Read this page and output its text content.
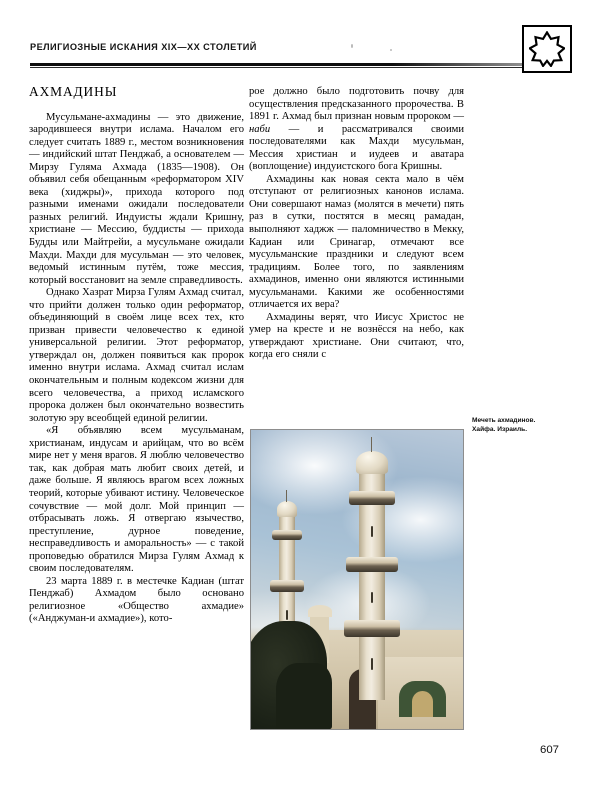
РЕЛИГИОЗНЫЕ ИСКАНИЯ XIX—XX СТОЛЕТИЙ
АХМАДИНЫ

Мусульмане-ахмадины — это движение, зародившееся внутри ислама. Началом его следует считать 1889 г., местом возникновения — индийский штат Пенджаб, а основателем — Мирзу Гуляма Ахмада (1835—1908). Он объявил себя обещанным «реформатором XIV века (хиджры)», прихода которого под разными именами ожидали последователи разных религий. Индуисты ждали Кришну, христиане — Мессию, буддисты — прихода Будды или Майтрейи, а мусульмане ожидали Махди. Махди для мусульман — это человек, ведомый истинным путём, тоже мессия, который восстановит на земле справедливость.

Однако Хазрат Мирза Гулям Ахмад считал, что прийти должен только один реформатор, объединяющий в своём лице всех тех, кто призван привести человечество к единой универсальной религии. Этот реформатор, утверждал он, должен появиться как пророк именно внутри ислама. Ахмад считал ислам окончательным и полным кодексом жизни для всего человечества, а приход исламского пророка должен был окончательно возвестить золотую эру всеобщей единой религии.

«Я объявляю всем мусульманам, христианам, индусам и арийцам, что во всём мире нет у меня врагов. Я люблю человечество так, как добрая мать любит своих детей, и даже больше. Я являюсь врагом всех ложных теорий, которые убивают истину. Человеческое сочувствие — мой долг. Мой принцип — отбрасывать ложь. Я отвергаю язычество, преступление, дурное поведение, несправедливость и аморальность» — с такой проповедью обратился Мирза Гулям Ахмад к своим последователям.

23 марта 1889 г. в местечке Кадиан (штат Пенджаб) Ахмадом было основано религиозное «Общество ахмадие» («Анджуман-и ахмадие»), кото-

рое должно было подготовить почву для осуществления предсказанного пророчества. В 1891 г. Ахмад был признан новым пророком — наби — и рассматривался своими последователями как Махди мусульман, Мессия христиан и иудеев и аватара (воплощение) индуистского бога Кришны.

Ахмадины как новая секта мало в чём отступают от религиозных канонов ислама. Они совершают намаз (молятся в мечети) пять раз в сутки, постятся в месяц рамадан, выполняют хаджж — паломничество в Мекку, Кадиан или Сринагар, отмечают все мусульманские праздники и следуют всем традициям. Более того, по заявлениям ахмадинов, именно они являются истинными мусульманами. Какими же особенностями отличается их вера?

Ахмадины верят, что Иисус Христос не умер на кресте и не вознёсся на небо, как утверждают христиане. Они считают, что, когда его сняли с

Мечеть ахмадинов.
Хайфа. Израиль.
607
